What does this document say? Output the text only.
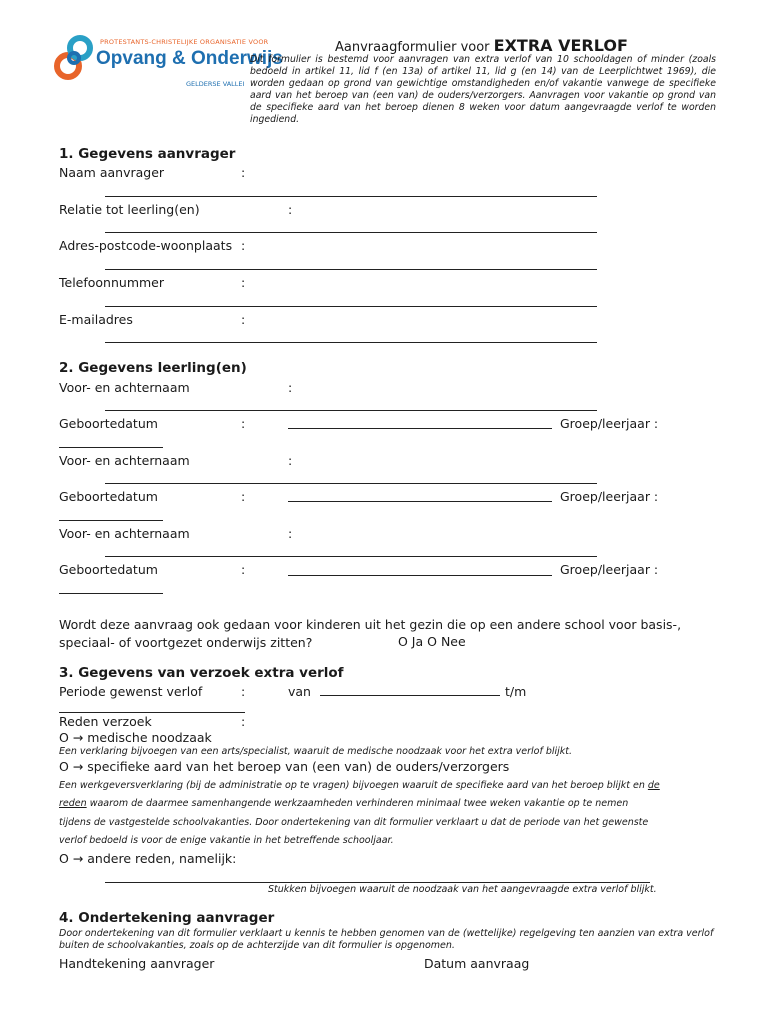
PROTESTANTS-CHRISTELIJKE ORGANISATIE VOOR
Opvang & Onderwijs
GELDERSE VALLEI
Aanvraagformulier voor EXTRA VERLOF
Dit formulier is bestemd voor aanvragen van extra verlof van 10 schooldagen of minder (zoals bedoeld in artikel 11, lid f (en 13a) of artikel 11, lid g (en 14) van de Leerplichtwet 1969), die worden gedaan op grond van gewichtige omstandigheden en/of vakantie vanwege de specifieke aard van het beroep van (een van) de ouders/verzorgers. Aanvragen voor vakantie op grond van de specifieke aard van het beroep dienen 8 weken voor datum aangevraagde verlof te worden ingediend.
1. Gegevens aanvrager
Naam aanvrager	:
Relatie tot leerling(en)	:
Adres-postcode-woonplaats :
Telefoonnummer	:
E-mailadres	:
2. Gegevens leerling(en)
Voor- en achternaam	:
Geboortedatum	:	Groep/leerjaar :
Voor- en achternaam	:
Geboortedatum	:	Groep/leerjaar :
Voor- en achternaam	:
Geboortedatum	:	Groep/leerjaar :
Wordt deze aanvraag ook gedaan voor kinderen uit het gezin die op een andere school voor basis-, speciaal- of voortgezet onderwijs zitten?	O Ja O Nee
3. Gegevens van verzoek extra verlof
Periode gewenst verlof	:	van	t/m
Reden verzoek	:
O → medische noodzaak
Een verklaring bijvoegen van een arts/specialist, waaruit de medische noodzaak voor het extra verlof blijkt.
O → specifieke aard van het beroep van (een van) de ouders/verzorgers
Een werkgeversverklaring (bij de administratie op te vragen) bijvoegen waaruit de specifieke aard van het beroep blijkt en de
reden waarom de daarmee samenhangende werkzaamheden verhinderen minimaal twee weken vakantie op te nemen
tijdens de vastgestelde schoolvakanties. Door ondertekening van dit formulier verklaart u dat de periode van het gewenste
verlof bedoeld is voor de enige vakantie in het betreffende schooljaar.
O → andere reden, namelijk:
Stukken bijvoegen waaruit de noodzaak van het aangevraagde extra verlof blijkt.
4. Ondertekening aanvrager
Door ondertekening van dit formulier verklaart u kennis te hebben genomen van de (wettelijke) regelgeving ten aanzien van extra verlof buiten de schoolvakanties, zoals op de achterzijde van dit formulier is opgenomen.
Handtekening aanvrager	Datum aanvraag
